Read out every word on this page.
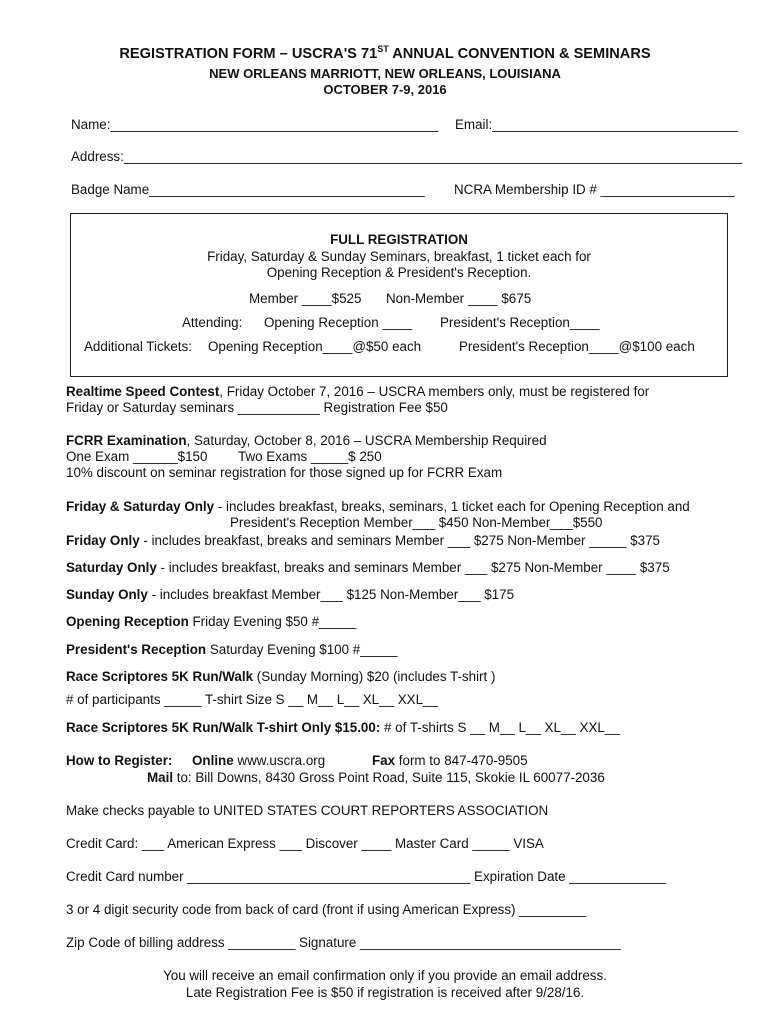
REGISTRATION FORM – USCRA'S 71ST ANNUAL CONVENTION & SEMINARS
NEW ORLEANS MARRIOTT, NEW ORLEANS, LOUISIANA
OCTOBER 7-9, 2016
Name:____________________________________________ Email:_________________________________
Address:___________________________________________________________________________________
Badge Name_____________________________________ NCRA Membership ID # __________________
FULL REGISTRATION
Friday, Saturday & Sunday Seminars, breakfast, 1 ticket each for
Opening Reception & President's Reception.
Member ____$525 Non-Member ____ $675
Attending: Opening Reception ____ President's Reception____
Additional Tickets: Opening Reception____@$50 each	President's Reception____@$100 each
Realtime Speed Contest, Friday October 7, 2016 – USCRA members only, must be registered for
Friday or Saturday seminars ___________ Registration Fee $50
FCRR Examination, Saturday, October 8, 2016 – USCRA Membership Required
One Exam ______$150 Two Exams _____$ 250
10% discount on seminar registration for those signed up for FCRR Exam
Friday & Saturday Only - includes breakfast, breaks, seminars, 1 ticket each for Opening Reception and
President's Reception Member___ $450 Non-Member___$550
Friday Only - includes breakfast, breaks and seminars Member ___ $275 Non-Member _____ $375
Saturday Only - includes breakfast, breaks and seminars Member ___ $275 Non-Member ____ $375
Sunday Only - includes breakfast Member___ $125 Non-Member___ $175
Opening Reception Friday Evening $50 #_____
President's Reception Saturday Evening $100 #_____
Race Scriptores 5K Run/Walk (Sunday Morning) $20 (includes T-shirt )
# of participants _____ T-shirt Size S __ M__ L__ XL__ XXL__
Race Scriptores 5K Run/Walk T-shirt Only $15.00: # of T-shirts S __ M__ L__ XL__ XXL__
How to Register: Online www.uscra.org	Fax form to 847-470-9505
Mail to: Bill Downs, 8430 Gross Point Road, Suite 115, Skokie IL 60077-2036
Make checks payable to UNITED STATES COURT REPORTERS ASSOCIATION
Credit Card: ___ American Express ___ Discover ____ Master Card _____ VISA
Credit Card number ______________________________________ Expiration Date _____________
3 or 4 digit security code from back of card (front if using American Express) _________
Zip Code of billing address _________ Signature ___________________________________
You will receive an email confirmation only if you provide an email address.
Late Registration Fee is $50 if registration is received after 9/28/16.
